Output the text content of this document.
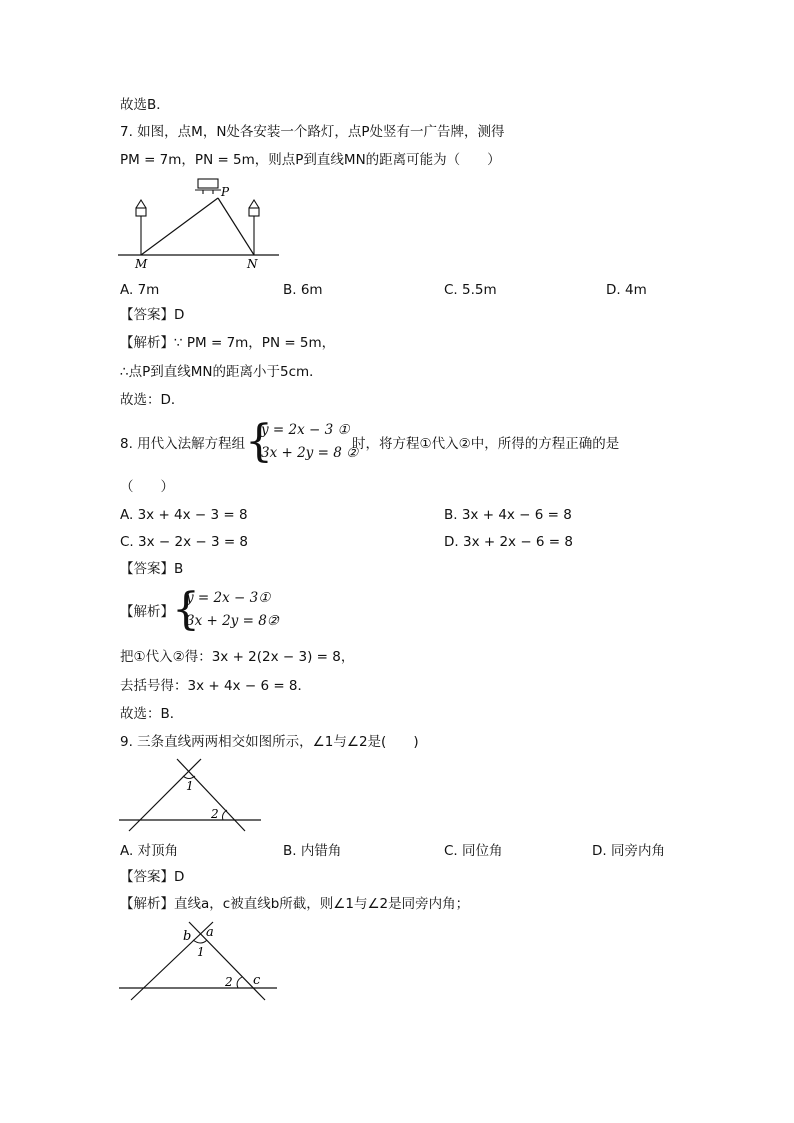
故选B．
7. 如图，点M，N处各安装一个路灯，点P处竖有一广告牌，测得
PM = 7m，PN = 5m，则点P到直线MN的距离可能为（　　）
P
M	N
A. 7m	B. 6m	C. 5.5m	D. 4m
【答案】D
【解析】∵ PM = 7m，PN = 5m，
∴点P到直线MN的距离小于5cm．
故选：D．
8. 用代入法解方程组 {
y = 2x − 3 ①
3x + 2y = 8 ②
时，将方程①代入②中，所得的方程正确的是
（　　）
A. 3x + 4x − 3 = 8	B. 3x + 4x − 6 = 8
C. 3x − 2x − 3 = 8	D. 3x + 2x − 6 = 8
【答案】B
【解析】
{
y = 2x − 3①
3x + 2y = 8②
，
把①代入②得：3x + 2(2x − 3) = 8，
去括号得：3x + 4x − 6 = 8．
故选：B．
9. 三条直线两两相交如图所示，∠1与∠2是(　　)
1
2
A. 对顶角	B. 内错角	C. 同位角	D. 同旁内角
【答案】D
【解析】直线a，c被直线b所截，则∠1与∠2是同旁内角；
b a
1
2 c
